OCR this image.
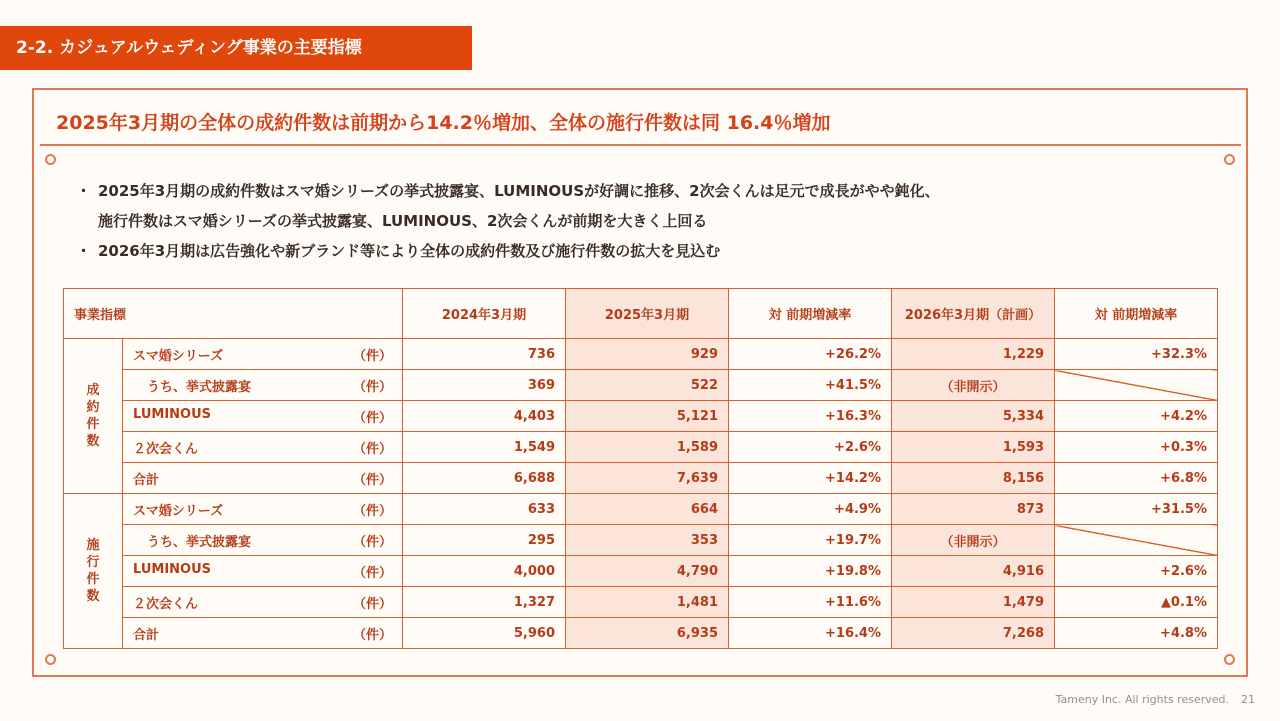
2-2. カジュアルウェディング事業の主要指標
2025年3月期の全体の成約件数は前期から14.2％増加、全体の施行件数は同 16.4％増加
・ 2025年3月期の成約件数はスマ婚シリーズの挙式披露宴、LUMINOUSが好調に推移、2次会くんは足元で成長がやや鈍化、
施行件数はスマ婚シリーズの挙式披露宴、LUMINOUS、2次会くんが前期を大きく上回る
・ 2026年3月期は広告強化や新ブランド等により全体の成約件数及び施行件数の拡大を見込む
事業指標		2024年3月期	2025年3月期	対 前期増減率	2026年3月期（計画）	対 前期増減率

成
約
件
数	スマ婚シリーズ （件）	736	929	+26.2%	1,229	+32.3%
	うち、挙式披露宴 （件）	369	522	+41.5%	（非開示）	
	LUMINOUS （件）	4,403	5,121	+16.3%	5,334	+4.2%
	２次会くん （件）	1,549	1,589	+2.6%	1,593	+0.3%
	合計 （件）	6,688	7,639	+14.2%	8,156	+6.8%

施
行
件
数	スマ婚シリーズ （件）	633	664	+4.9%	873	+31.5%
	うち、挙式披露宴 （件）	295	353	+19.7%	（非開示）	
	LUMINOUS （件）	4,000	4,790	+19.8%	4,916	+2.6%
	２次会くん （件）	1,327	1,481	+11.6%	1,479	▲0.1%
	合計 （件）	5,960	6,935	+16.4%	7,268	+4.8%
Tameny Inc. All rights reserved. 21
